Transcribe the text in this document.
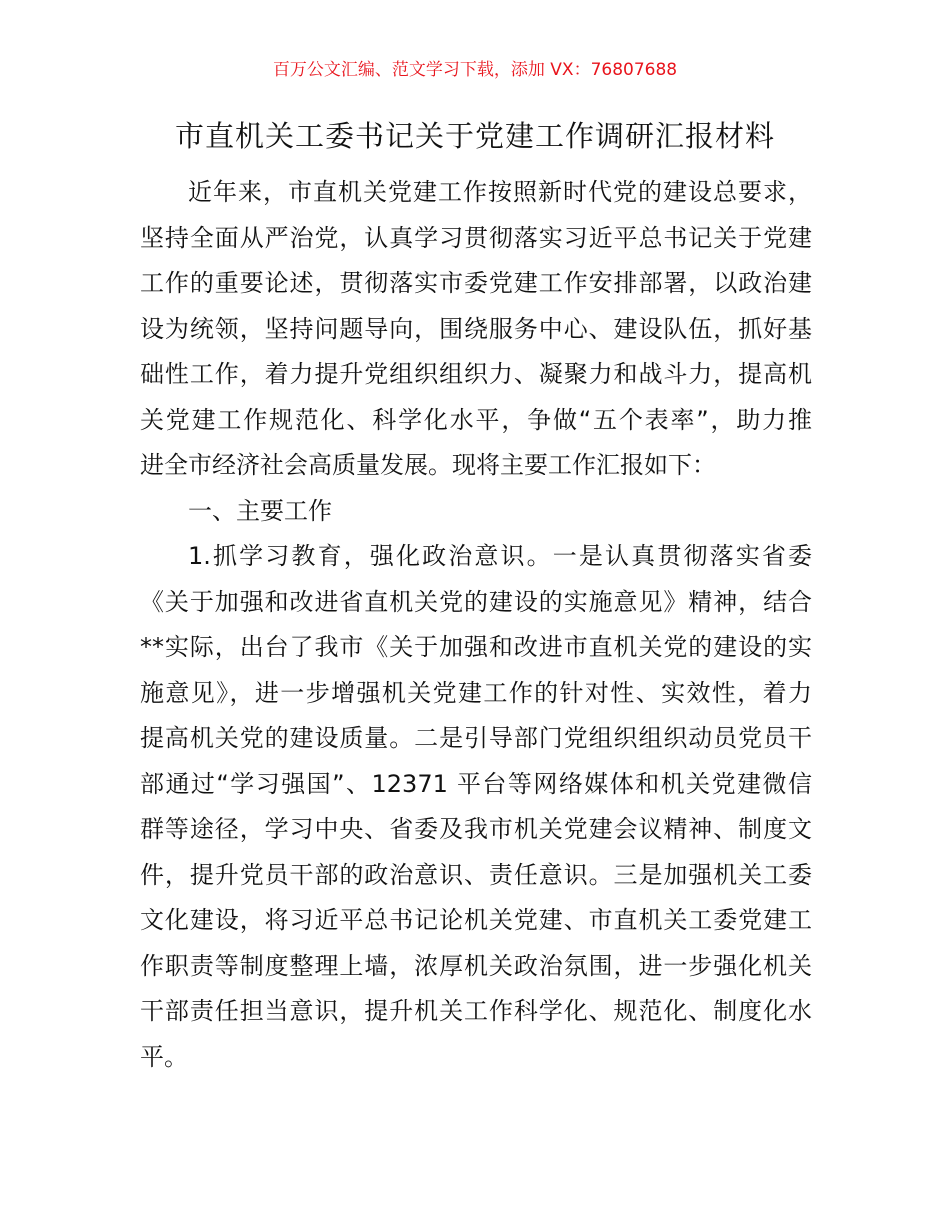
百万公文汇编、范文学习下载，添加 VX：76807688
市直机关工委书记关于党建工作调研汇报材料
近年来，市直机关党建工作按照新时代党的建设总要求，
坚持全面从严治党，认真学习贯彻落实习近平总书记关于党建
工作的重要论述，贯彻落实市委党建工作安排部署，以政治建
设为统领，坚持问题导向，围绕服务中心、建设队伍，抓好基
础性工作，着力提升党组织组织力、凝聚力和战斗力，提高机
关党建工作规范化、科学化水平，争做“五个表率”，助力推
进全市经济社会高质量发展。现将主要工作汇报如下：
一、主要工作
1.抓学习教育，强化政治意识。一是认真贯彻落实省委
《关于加强和改进省直机关党的建设的实施意见》精神，结合
**实际，出台了我市《关于加强和改进市直机关党的建设的实
施意见》，进一步增强机关党建工作的针对性、实效性，着力
提高机关党的建设质量。二是引导部门党组织组织动员党员干
部通过“学习强国”、12371 平台等网络媒体和机关党建微信
群等途径，学习中央、省委及我市机关党建会议精神、制度文
件，提升党员干部的政治意识、责任意识。三是加强机关工委
文化建设，将习近平总书记论机关党建、市直机关工委党建工
作职责等制度整理上墙，浓厚机关政治氛围，进一步强化机关
干部责任担当意识，提升机关工作科学化、规范化、制度化水
平。
